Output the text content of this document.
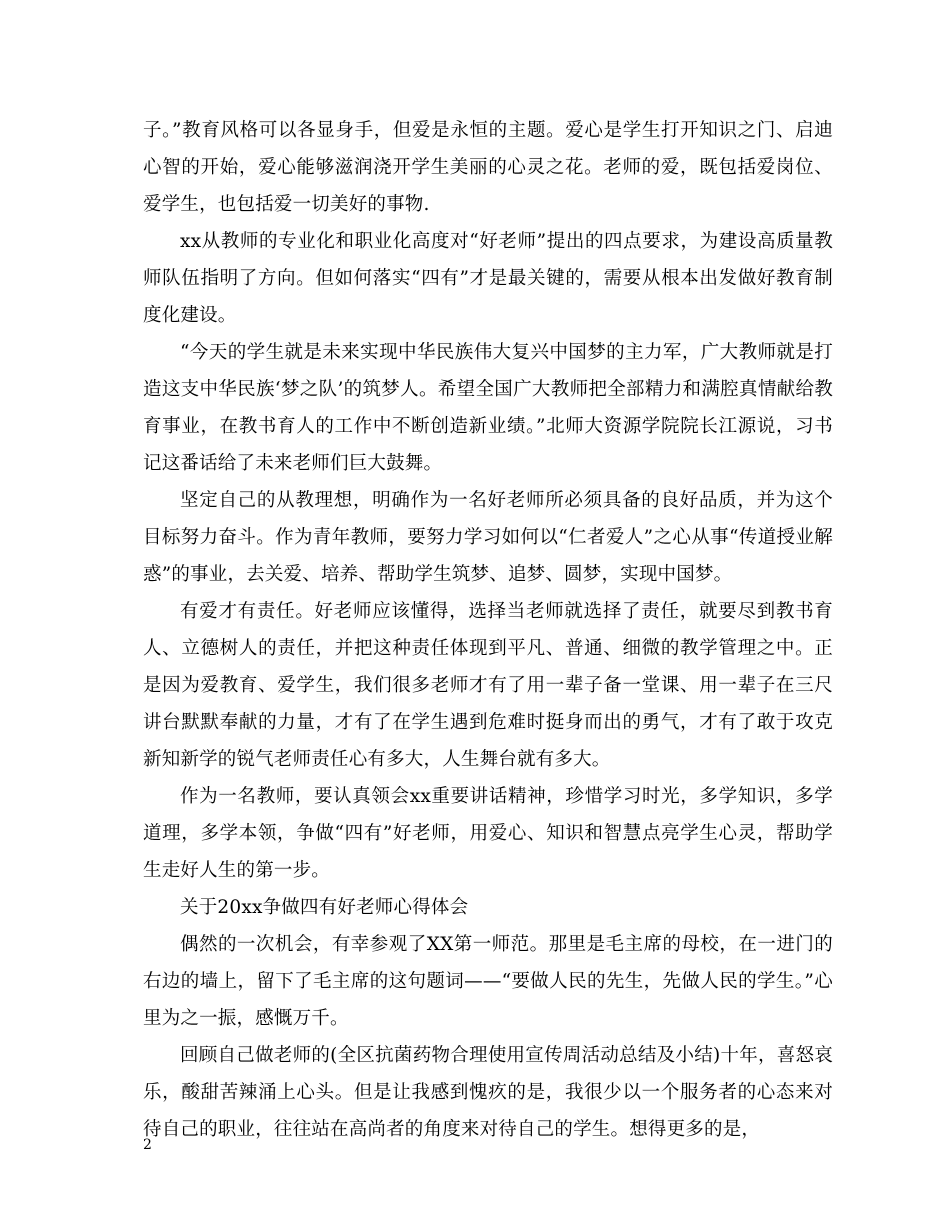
子。”教育风格可以各显身手，但爱是永恒的主题。爱心是学生打开知识之门、启迪心智的开始，爱心能够滋润浇开学生美丽的心灵之花。老师的爱，既包括爱岗位、爱学生，也包括爱一切美好的事物.

xx从教师的专业化和职业化高度对“好老师”提出的四点要求，为建设高质量教师队伍指明了方向。但如何落实“四有”才是最关键的，需要从根本出发做好教育制度化建设。

“今天的学生就是未来实现中华民族伟大复兴中国梦的主力军，广大教师就是打造这支中华民族‘梦之队’的筑梦人。希望全国广大教师把全部精力和满腔真情献给教育事业，在教书育人的工作中不断创造新业绩。”北师大资源学院院长江源说，习书记这番话给了未来老师们巨大鼓舞。

坚定自己的从教理想，明确作为一名好老师所必须具备的良好品质，并为这个目标努力奋斗。作为青年教师，要努力学习如何以“仁者爱人”之心从事“传道授业解惑”的事业，去关爱、培养、帮助学生筑梦、追梦、圆梦，实现中国梦。

有爱才有责任。好老师应该懂得，选择当老师就选择了责任，就要尽到教书育人、立德树人的责任，并把这种责任体现到平凡、普通、细微的教学管理之中。正是因为爱教育、爱学生，我们很多老师才有了用一辈子备一堂课、用一辈子在三尺讲台默默奉献的力量，才有了在学生遇到危难时挺身而出的勇气，才有了敢于攻克新知新学的锐气老师责任心有多大，人生舞台就有多大。

作为一名教师，要认真领会xx重要讲话精神，珍惜学习时光，多学知识，多学道理，多学本领，争做“四有”好老师，用爱心、知识和智慧点亮学生心灵，帮助学生走好人生的第一步。

关于20xx争做四有好老师心得体会

偶然的一次机会，有幸参观了XX第一师范。那里是毛主席的母校，在一进门的右边的墙上，留下了毛主席的这句题词——“要做人民的先生，先做人民的学生。”心里为之一振，感慨万千。

回顾自己做老师的(全区抗菌药物合理使用宣传周活动总结及小结)十年，喜怒哀乐，酸甜苦辣涌上心头。但是让我感到愧疚的是，我很少以一个服务者的心态来对待自己的职业，往往站在高尚者的角度来对待自己的学生。想得更多的是，

2
